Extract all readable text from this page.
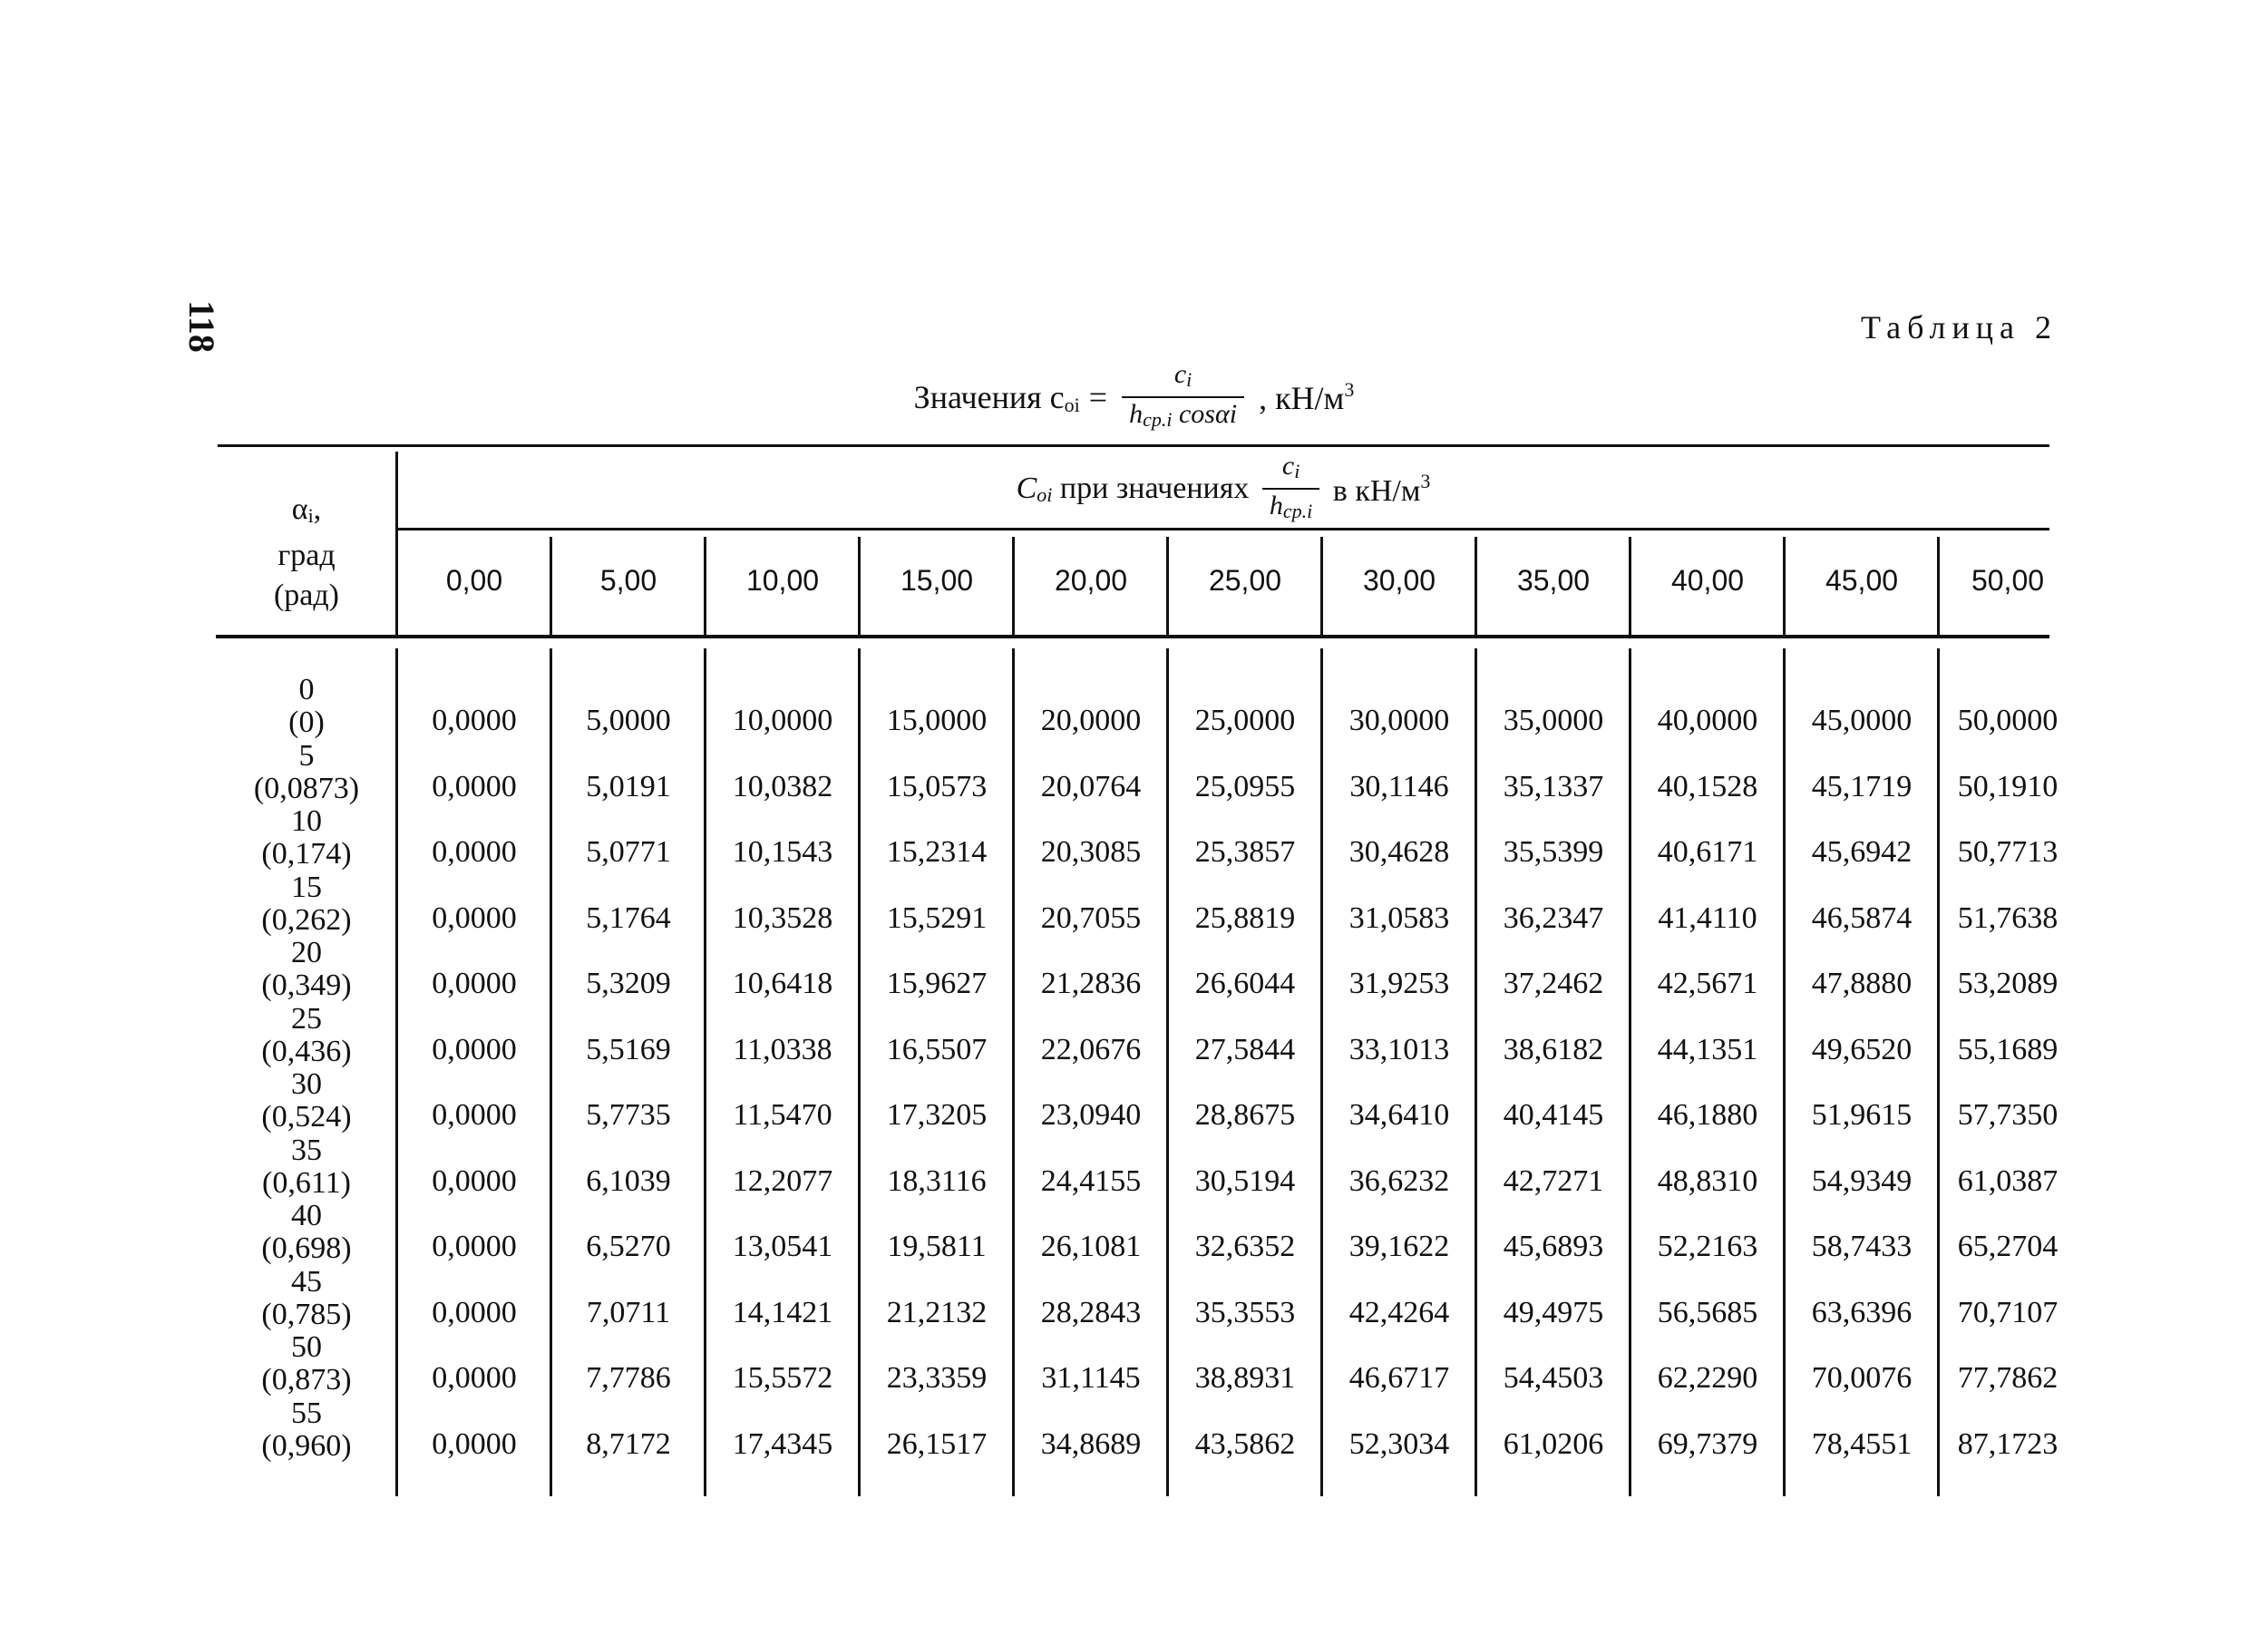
118	Таблица 2
Значения coi = $\frac{ci}{\text{hср.i cosαi}}$ , $кН/м^3$
αi,
град
(рад)
Coi при значениях $\frac{ci}{\text{hср.i}}$ в $кН/м^3$
0,00	5,00	10,00	15,00	20,00	25,00	30,00	35,00	40,00	45,00	50,00
0
(0)	0,0000	5,0000	10,0000	15,0000	20,0000	25,0000	30,0000	35,0000	40,0000	45,0000	50,0000
5
(0,0873)	0,0000	5,0191	10,0382	15,0573	20,0764	25,0955	30,1146	35,1337	40,1528	45,1719	50,1910
10
(0,174)	0,0000	5,0771	10,1543	15,2314	20,3085	25,3857	30,4628	35,5399	40,6171	45,6942	50,7713
15
(0,262)	0,0000	5,1764	10,3528	15,5291	20,7055	25,8819	31,0583	36,2347	41,4110	46,5874	51,7638
20
(0,349)	0,0000	5,3209	10,6418	15,9627	21,2836	26,6044	31,9253	37,2462	42,5671	47,8880	53,2089
25
(0,436)	0,0000	5,5169	11,0338	16,5507	22,0676	27,5844	33,1013	38,6182	44,1351	49,6520	55,1689
30
(0,524)	0,0000	5,7735	11,5470	17,3205	23,0940	28,8675	34,6410	40,4145	46,1880	51,9615	57,7350
35
(0,611)	0,0000	6,1039	12,2077	18,3116	24,4155	30,5194	36,6232	42,7271	48,8310	54,9349	61,0387
40
(0,698)	0,0000	6,5270	13,0541	19,5811	26,1081	32,6352	39,1622	45,6893	52,2163	58,7433	65,2704
45
(0,785)	0,0000	7,0711	14,1421	21,2132	28,2843	35,3553	42,4264	49,4975	56,5685	63,6396	70,7107
50
(0,873)	0,0000	7,7786	15,5572	23,3359	31,1145	38,8931	46,6717	54,4503	62,2290	70,0076	77,7862
55
(0,960)	0,0000	8,7172	17,4345	26,1517	34,8689	43,5862	52,3034	61,0206	69,7379	78,4551	87,1723
